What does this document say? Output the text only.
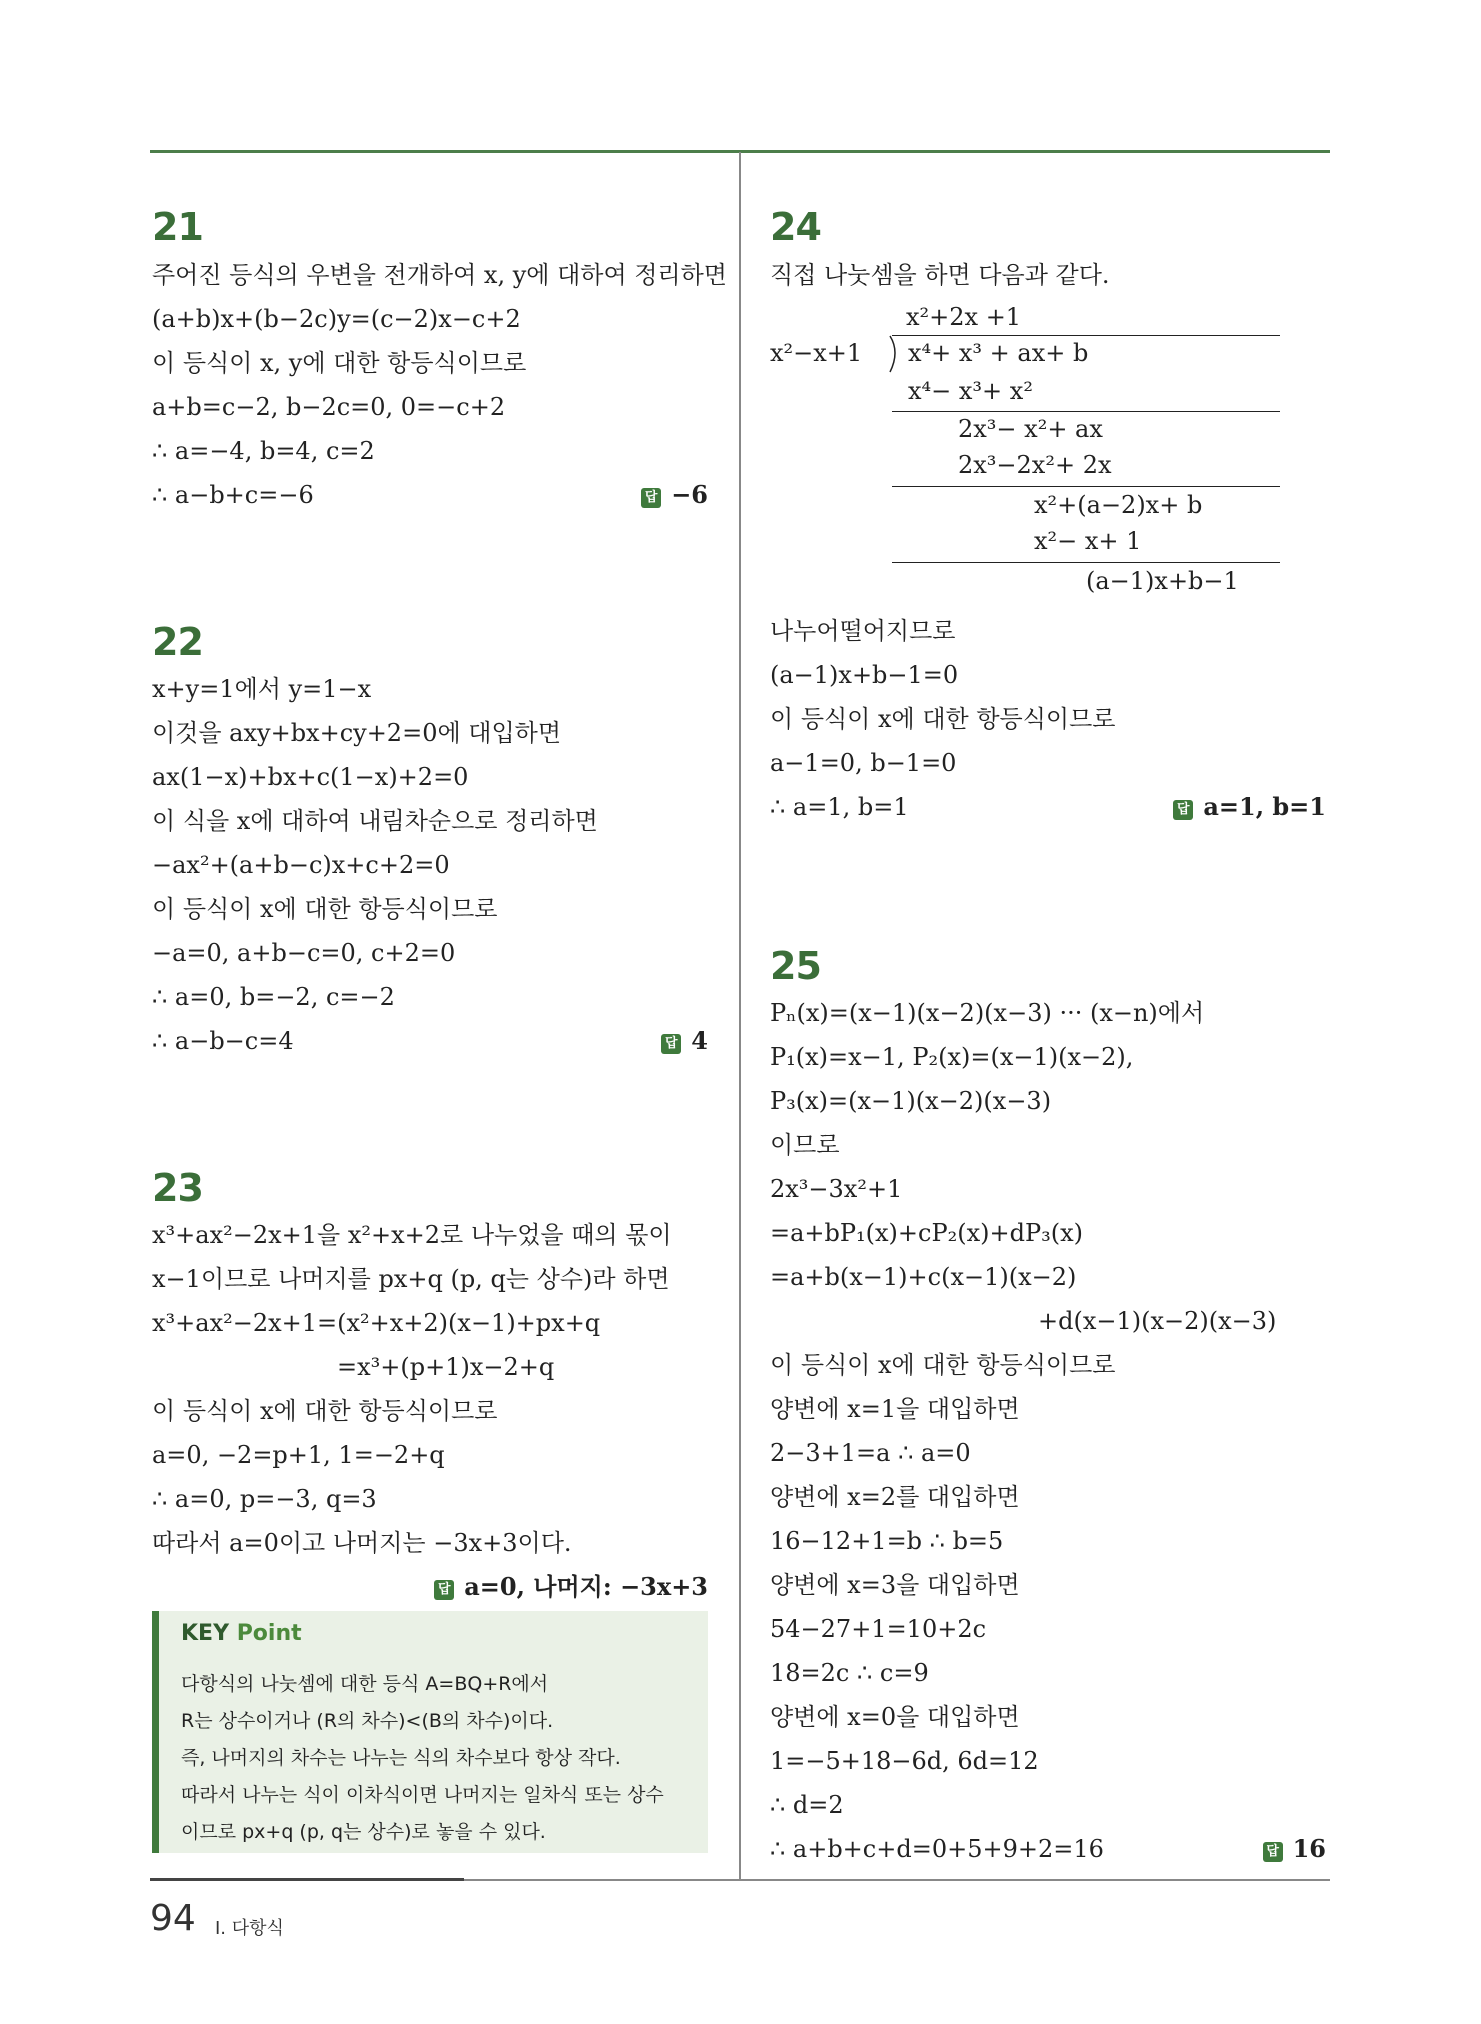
21
주어진 등식의 우변을 전개하여 x, y에 대하여 정리하면
(a+b)x+(b−2c)y=(c−2)x−c+2
이 등식이 x, y에 대한 항등식이므로
a+b=c−2, b−2c=0, 0=−c+2
∴ a=−4, b=4, c=2
∴ a−b+c=−6	답 −6
22
x+y=1에서 y=1−x
이것을 axy+bx+cy+2=0에 대입하면
ax(1−x)+bx+c(1−x)+2=0
이 식을 x에 대하여 내림차순으로 정리하면
−ax²+(a+b−c)x+c+2=0
이 등식이 x에 대한 항등식이므로
−a=0, a+b−c=0, c+2=0
∴ a=0, b=−2, c=−2
∴ a−b−c=4	답 4
23
x³+ax²−2x+1을 x²+x+2로 나누었을 때의 몫이
x−1이므로 나머지를 px+q (p, q는 상수)라 하면
x³+ax²−2x+1=(x²+x+2)(x−1)+px+q
=x³+(p+1)x−2+q
이 등식이 x에 대한 항등식이므로
a=0, −2=p+1, 1=−2+q
∴ a=0, p=−3, q=3
따라서 a=0이고 나머지는 −3x+3이다.
답 a=0, 나머지: −3x+3
KEY Point
다항식의 나눗셈에 대한 등식 A=BQ+R에서
R는 상수이거나 (R의 차수)<(B의 차수)이다.
즉, 나머지의 차수는 나누는 식의 차수보다 항상 작다.
따라서 나누는 식이 이차식이면 나머지는 일차식 또는 상수
이므로 px+q (p, q는 상수)로 놓을 수 있다.
24
직접 나눗셈을 하면 다음과 같다.
x²+2x +1
x²−x+1 x⁴+ x³ + ax+ b
x⁴− x³+ x²
2x³− x²+ ax
2x³−2x²+ 2x
x²+(a−2)x+ b
x²− x+ 1
(a−1)x+b−1
나누어떨어지므로
(a−1)x+b−1=0
이 등식이 x에 대한 항등식이므로
a−1=0, b−1=0
∴ a=1, b=1	답 a=1, b=1
25
Pₙ(x)=(x−1)(x−2)(x−3) ··· (x−n)에서
P₁(x)=x−1, P₂(x)=(x−1)(x−2),
P₃(x)=(x−1)(x−2)(x−3)
이므로
2x³−3x²+1
=a+bP₁(x)+cP₂(x)+dP₃(x)
=a+b(x−1)+c(x−1)(x−2)
+d(x−1)(x−2)(x−3)
이 등식이 x에 대한 항등식이므로
양변에 x=1을 대입하면
2−3+1=a ∴ a=0
양변에 x=2를 대입하면
16−12+1=b ∴ b=5
양변에 x=3을 대입하면
54−27+1=10+2c
18=2c ∴ c=9
양변에 x=0을 대입하면
1=−5+18−6d, 6d=12
∴ d=2
∴ a+b+c+d=0+5+9+2=16	답 16
94 Ⅰ. 다항식
